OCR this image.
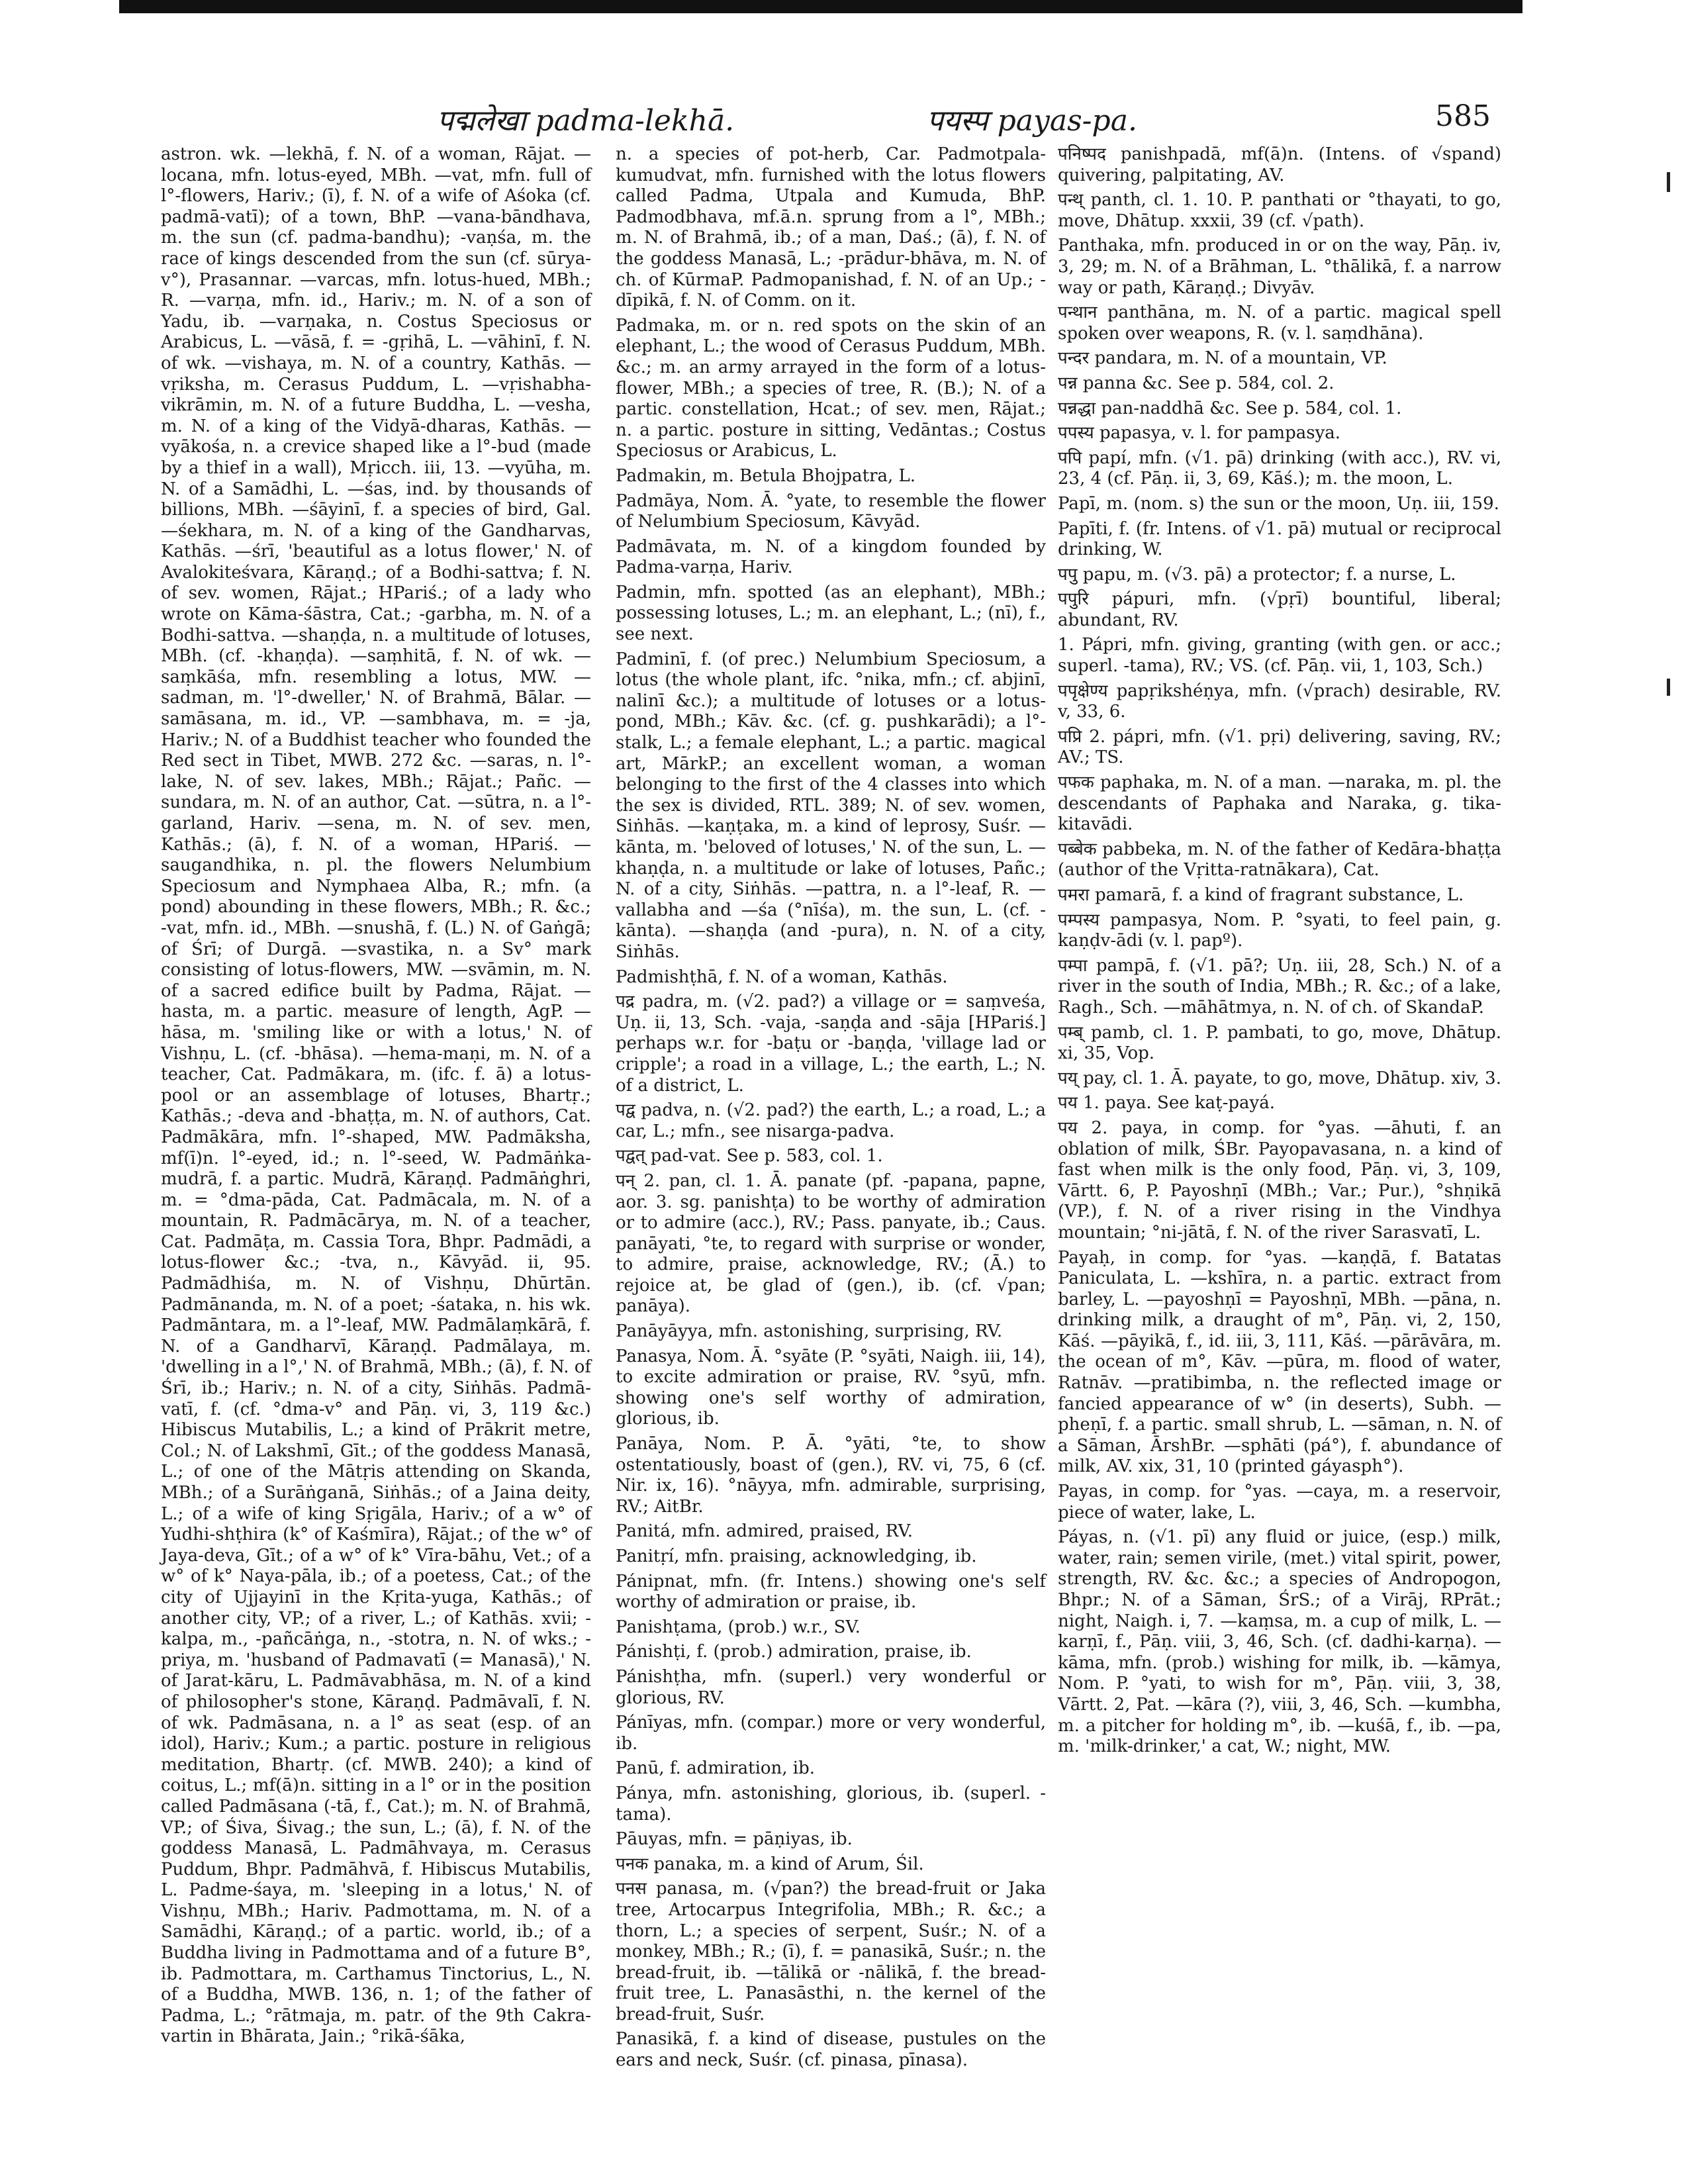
पद्मलेखा padma-lekhā.	पयस्प payas-pa.	585

astron. wk. —lekhā, f. N. of a woman, Rājat. —locana, mfn. lotus-eyed, MBh. —vat, mfn. full of l°-flowers, Hariv.; (ī), f. N. of a wife of Aśoka (cf. padmā-vatī); of a town, BhP. —vana-bāndhava, m. the sun (cf. padma-bandhu); -vaṇśa, m. the race of kings descended from the sun (cf. sūrya-v°), Prasannar. —varcas, mfn. lotus-hued, MBh.; R. —varṇa, mfn. id., Hariv.; m. N. of a son of Yadu, ib. —varṇaka, n. Costus Speciosus or Arabicus, L. —vāsā, f. = -gṛihā, L. —vāhinī, f. N. of wk. —vishaya, m. N. of a country, Kathās. —vṛiksha, m. Cerasus Puddum, L. —vṛishabha-vikrāmin, m. N. of a future Buddha, L. —vesha, m. N. of a king of the Vidyā-dharas, Kathās. —vyākośa, n. a crevice shaped like a l°-bud (made by a thief in a wall), Mṛicch. iii, 13. —vyūha, m. N. of a Samādhi, L. —śas, ind. by thousands of billions, MBh. —śāyinī, f. a species of bird, Gal. —śekhara, m. N. of a king of the Gandharvas, Kathās. —śrī, 'beautiful as a lotus flower,' N. of Avalokiteśvara, Kāraṇḍ.; of a Bodhi-sattva; f. N. of sev. women, Rājat.; HPariś.; of a lady who wrote on Kāma-śāstra, Cat.; -garbha, m. N. of a Bodhi-sattva. —shaṇḍa, n. a multitude of lotuses, MBh. (cf. -khaṇḍa). —saṃhitā, f. N. of wk. —saṃkāśa, mfn. resembling a lotus, MW. —sadman, m. 'l°-dweller,' N. of Brahmā, Bālar. —samāsana, m. id., VP. —sambhava, m. = -ja, Hariv.; N. of a Buddhist teacher who founded the Red sect in Tibet, MWB. 272 &c. —saras, n. l°-lake, N. of sev. lakes, MBh.; Rājat.; Pañc. —sundara, m. N. of an author, Cat. —sūtra, n. a l°-garland, Hariv. —sena, m. N. of sev. men, Kathās.; (ā), f. N. of a woman, HPariś. —saugandhika, n. pl. the flowers Nelumbium Speciosum and Nymphaea Alba, R.; mfn. (a pond) abounding in these flowers, MBh.; R. &c.; -vat, mfn. id., MBh. —snushā, f. (L.) N. of Gaṅgā; of Śrī; of Durgā. —svastika, n. a Sv° mark consisting of lotus-flowers, MW. —svāmin, m. N. of a sacred edifice built by Padma, Rājat. —hasta, m. a partic. measure of length, AgP. —hāsa, m. 'smiling like or with a lotus,' N. of Vishṇu, L. (cf. -bhāsa). —hema-maṇi, m. N. of a teacher, Cat. Padmākara, m. (ifc. f. ā) a lotus-pool or an assemblage of lotuses, Bhartṛ.; Kathās.; -deva and -bhaṭṭa, m. N. of authors, Cat. Padmākāra, mfn. l°-shaped, MW. Padmāksha, mf(ī)n. l°-eyed, id.; n. l°-seed, W. Padmāṅka-mudrā, f. a partic. Mudrā, Kāraṇḍ. Padmāṅghri, m. = °dma-pāda, Cat. Padmācala, m. N. of a mountain, R. Padmācārya, m. N. of a teacher, Cat. Padmāṭa, m. Cassia Tora, Bhpr. Padmādi, a lotus-flower &c.; -tva, n., Kāvyād. ii, 95. Padmādhiśa, m. N. of Vishṇu, Dhūrtān. Padmānanda, m. N. of a poet; -śataka, n. his wk. Padmāntara, m. a l°-leaf, MW. Padmālaṃkārā, f. N. of a Gandharvī, Kāraṇḍ. Padmālaya, m. 'dwelling in a l°,' N. of Brahmā, MBh.; (ā), f. N. of Śrī, ib.; Hariv.; n. N. of a city, Siṅhās. Padmā-vatī, f. (cf. °dma-v° and Pāṇ. vi, 3, 119 &c.) Hibiscus Mutabilis, L.; a kind of Prākrit metre, Col.; N. of Lakshmī, Gīt.; of the goddess Manasā, L.; of one of the Mātṛis attending on Skanda, MBh.; of a Surāṅganā, Siṅhās.; of a Jaina deity, L.; of a wife of king Sṛigāla, Hariv.; of a w° of Yudhi-shṭhira (k° of Kaśmīra), Rājat.; of the w° of Jaya-deva, Gīt.; of a w° of k° Vīra-bāhu, Vet.; of a w° of k° Naya-pāla, ib.; of a poetess, Cat.; of the city of Ujjayinī in the Kṛita-yuga, Kathās.; of another city, VP.; of a river, L.; of Kathās. xvii; -kalpa, m., -pañcāṅga, n., -stotra, n. N. of wks.; -priya, m. 'husband of Padmavatī (= Manasā),' N. of Jarat-kāru, L. Padmāvabhāsa, m. N. of a kind of philosopher's stone, Kāraṇḍ. Padmāvalī, f. N. of wk. Padmāsana, n. a l° as seat (esp. of an idol), Hariv.; Kum.; a partic. posture in religious meditation, Bhartṛ. (cf. MWB. 240); a kind of coitus, L.; mf(ā)n. sitting in a l° or in the position called Padmāsana (-tā, f., Cat.); m. N. of Brahmā, VP.; of Śiva, Śivag.; the sun, L.; (ā), f. N. of the goddess Manasā, L. Padmāhvaya, m. Cerasus Puddum, Bhpr. Padmāhvā, f. Hibiscus Mutabilis, L. Padme-śaya, m. 'sleeping in a lotus,' N. of Vishṇu, MBh.; Hariv. Padmottama, m. N. of a Samādhi, Kāraṇḍ.; of a partic. world, ib.; of a Buddha living in Padmottama and of a future B°, ib. Padmottara, m. Carthamus Tinctorius, L., N. of a Buddha, MWB. 136, n. 1; of the father of Padma, L.; °rātmaja, m. patr. of the 9th Cakra-vartin in Bhārata, Jain.; °rikā-śāka,

n. a species of pot-herb, Car. Padmotpala-kumudvat, mfn. furnished with the lotus flowers called Padma, Utpala and Kumuda, BhP. Padmodbhava, mf.ā.n. sprung from a l°, MBh.; m. N. of Brahmā, ib.; of a man, Daś.; (ā), f. N. of the goddess Manasā, L.; -prādur-bhāva, m. N. of ch. of KūrmaP. Padmopanishad, f. N. of an Up.; -dīpikā, f. N. of Comm. on it.

Padmaka, m. or n. red spots on the skin of an elephant, L.; the wood of Cerasus Puddum, MBh. &c.; m. an army arrayed in the form of a lotus-flower, MBh.; a species of tree, R. (B.); N. of a partic. constellation, Hcat.; of sev. men, Rājat.; n. a partic. posture in sitting, Vedāntas.; Costus Speciosus or Arabicus, L.

Padmakin, m. Betula Bhojpatra, L.

Padmāya, Nom. Ā. °yate, to resemble the flower of Nelumbium Speciosum, Kāvyād.

Padmāvata, m. N. of a kingdom founded by Padma-varṇa, Hariv.

Padmin, mfn. spotted (as an elephant), MBh.; possessing lotuses, L.; m. an elephant, L.; (nī), f., see next.

Padminī, f. (of prec.) Nelumbium Speciosum, a lotus (the whole plant, ifc. °nika, mfn.; cf. abjinī, nalinī &c.); a multitude of lotuses or a lotus-pond, MBh.; Kāv. &c. (cf. g. pushkarādi); a l°-stalk, L.; a female elephant, L.; a partic. magical art, MārkP.; an excellent woman, a woman belonging to the first of the 4 classes into which the sex is divided, RTL. 389; N. of sev. women, Siṅhās. —kaṇṭaka, m. a kind of leprosy, Suśr. —kānta, m. 'beloved of lotuses,' N. of the sun, L. —khaṇḍa, n. a multitude or lake of lotuses, Pañc.; N. of a city, Siṅhās. —pattra, n. a l°-leaf, R. —vallabha and —śa (°nīśa), m. the sun, L. (cf. -kānta). —shaṇḍa (and -pura), n. N. of a city, Siṅhās.

Padmishṭhā, f. N. of a woman, Kathās.

पद्र padra, m. (√2. pad?) a village or = saṃveśa, Uṇ. ii, 13, Sch. -vaja, -saṇḍa and -sāja [HPariś.] perhaps w.r. for -baṭu or -baṇḍa, 'village lad or cripple'; a road in a village, L.; the earth, L.; N. of a district, L.

पद्व padva, n. (√2. pad?) the earth, L.; a road, L.; a car, L.; mfn., see nisarga-padva.

पद्वत् pad-vat. See p. 583, col. 1.

पन् 2. pan, cl. 1. Ā. panate (pf. -papana, papne, aor. 3. sg. panishṭa) to be worthy of admiration or to admire (acc.), RV.; Pass. panyate, ib.; Caus. panāyati, °te, to regard with surprise or wonder, to admire, praise, acknowledge, RV.; (Ā.) to rejoice at, be glad of (gen.), ib. (cf. √pan; panāya).

Panāyāyya, mfn. astonishing, surprising, RV.

Panasya, Nom. Ā. °syāte (P. °syāti, Naigh. iii, 14), to excite admiration or praise, RV. °syū, mfn. showing one's self worthy of admiration, glorious, ib.

Panāya, Nom. P. Ā. °yāti, °te, to show ostentatiously, boast of (gen.), RV. vi, 75, 6 (cf. Nir. ix, 16). °nāyya, mfn. admirable, surprising, RV.; AitBr.

Panitá, mfn. admired, praised, RV.

Panitṛí, mfn. praising, acknowledging, ib.

Pánipnat, mfn. (fr. Intens.) showing one's self worthy of admiration or praise, ib.

Panishṭama, (prob.) w.r., SV.

Pánishṭi, f. (prob.) admiration, praise, ib.

Pánishṭha, mfn. (superl.) very wonderful or glorious, RV.

Pánīyas, mfn. (compar.) more or very wonderful, ib.

Panū, f. admiration, ib.

Pánya, mfn. astonishing, glorious, ib. (superl. -tama).

Pāuyas, mfn. = pāṇiyas, ib.

पनक panaka, m. a kind of Arum, Śil.

पनस panasa, m. (√pan?) the bread-fruit or Jaka tree, Artocarpus Integrifolia, MBh.; R. &c.; a thorn, L.; a species of serpent, Suśr.; N. of a monkey, MBh.; R.; (ī), f. = panasikā, Suśr.; n. the bread-fruit, ib. —tālikā or -nālikā, f. the bread-fruit tree, L. Panasāsthi, n. the kernel of the bread-fruit, Suśr.

Panasikā, f. a kind of disease, pustules on the ears and neck, Suśr. (cf. pinasa, pīnasa).

पनिष्पद panishpadā, mf(ā)n. (Intens. of √spand) quivering, palpitating, AV.

पन्थ् panth, cl. 1. 10. P. panthati or °thayati, to go, move, Dhātup. xxxii, 39 (cf. √path).

Panthaka, mfn. produced in or on the way, Pāṇ. iv, 3, 29; m. N. of a Brāhman, L. °thālikā, f. a narrow way or path, Kāraṇḍ.; Divyāv.

पन्थान panthāna, m. N. of a partic. magical spell spoken over weapons, R. (v. l. saṃdhāna).

पन्दर pandara, m. N. of a mountain, VP.

पन्न panna &c. See p. 584, col. 2.

पन्नद्धा pan-naddhā &c. See p. 584, col. 1.

पपस्य papasya, v. l. for pampasya.

पपि papí, mfn. (√1. pā) drinking (with acc.), RV. vi, 23, 4 (cf. Pāṇ. ii, 3, 69, Kāś.); m. the moon, L.

Papī, m. (nom. s) the sun or the moon, Uṇ. iii, 159.

Papīti, f. (fr. Intens. of √1. pā) mutual or reciprocal drinking, W.

पपु papu, m. (√3. pā) a protector; f. a nurse, L.

पपुरि pápuri, mfn. (√pṛī) bountiful, liberal; abundant, RV.

1. Pápri, mfn. giving, granting (with gen. or acc.; superl. -tama), RV.; VS. (cf. Pāṇ. vii, 1, 103, Sch.)

पपृक्षेण्य papṛikshéṇya, mfn. (√prach) desirable, RV. v, 33, 6.

पप्रि 2. pápri, mfn. (√1. pṛi) delivering, saving, RV.; AV.; TS.

पफक paphaka, m. N. of a man. —naraka, m. pl. the descendants of Paphaka and Naraka, g. tika-kitavādi.

पब्बेक pabbeka, m. N. of the father of Kedāra-bhaṭṭa (author of the Vṛitta-ratnākara), Cat.

पमरा pamarā, f. a kind of fragrant substance, L.

पम्पस्य pampasya, Nom. P. °syati, to feel pain, g. kaṇḍv-ādi (v. l. papº).

पम्पा pampā, f. (√1. pā?; Uṇ. iii, 28, Sch.) N. of a river in the south of India, MBh.; R. &c.; of a lake, Ragh., Sch. —māhātmya, n. N. of ch. of SkandaP.

पम्ब् pamb, cl. 1. P. pambati, to go, move, Dhātup. xi, 35, Vop.

पय् pay, cl. 1. Ā. payate, to go, move, Dhātup. xiv, 3.

पय 1. paya. See kaṭ-payá.

पय 2. paya, in comp. for °yas. —āhuti, f. an oblation of milk, ŚBr. Payopavasana, n. a kind of fast when milk is the only food, Pāṇ. vi, 3, 109, Vārtt. 6, P. Payoshṇī (MBh.; Var.; Pur.), °shṇikā (VP.), f. N. of a river rising in the Vindhya mountain; °ni-jātā, f. N. of the river Sarasvatī, L.

Payaḥ, in comp. for °yas. —kaṇḍā, f. Batatas Paniculata, L. —kshīra, n. a partic. extract from barley, L. —payoshṇī = Payoshṇī, MBh. —pāna, n. drinking milk, a draught of m°, Pāṇ. vi, 2, 150, Kāś. —pāyikā, f., id. iii, 3, 111, Kāś. —pārāvāra, m. the ocean of m°, Kāv. —pūra, m. flood of water, Ratnāv. —pratibimba, n. the reflected image or fancied appearance of w° (in deserts), Subh. —pheṇī, f. a partic. small shrub, L. —sāman, n. N. of a Sāman, ĀrshBr. —sphāti (pá°), f. abundance of milk, AV. xix, 31, 10 (printed gáyasph°).

Payas, in comp. for °yas. —caya, m. a reservoir, piece of water, lake, L.

Páyas, n. (√1. pī) any fluid or juice, (esp.) milk, water, rain; semen virile, (met.) vital spirit, power, strength, RV. &c. &c.; a species of Andropogon, Bhpr.; N. of a Sāman, ŚrS.; of a Virāj, RPrāt.; night, Naigh. i, 7. —kaṃsa, m. a cup of milk, L. —karṇī, f., Pāṇ. viii, 3, 46, Sch. (cf. dadhi-karṇa). —kāma, mfn. (prob.) wishing for milk, ib. —kāmya, Nom. P. °yati, to wish for m°, Pāṇ. viii, 3, 38, Vārtt. 2, Pat. —kāra (?), viii, 3, 46, Sch. —kumbha, m. a pitcher for holding m°, ib. —kuśā, f., ib. —pa, m. 'milk-drinker,' a cat, W.; night, MW.
